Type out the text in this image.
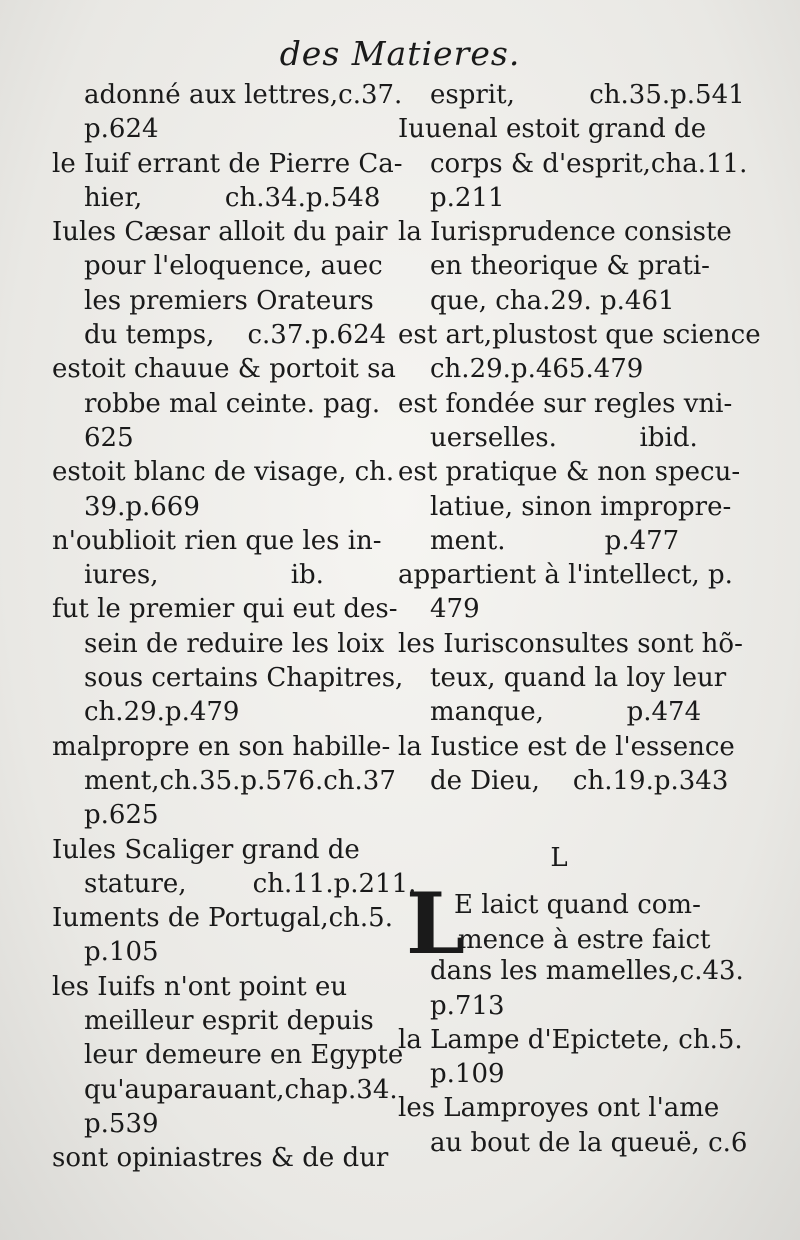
des Matieres.
adonné aux lettres,c.37.
p.624
le Iuif errant de Pierre Ca-
hier,          ch.34.p.548
Iules Cæsar alloit du pair
pour l'eloquence, auec
les premiers Orateurs
du temps,    c.37.p.624
estoit chauue & portoit sa
robbe mal ceinte. pag.
625
estoit blanc de visage, ch.
39.p.669
n'oublioit rien que les in-
iures,                ib.
fut le premier qui eut des-
sein de reduire les loix
sous certains Chapitres,
ch.29.p.479
malpropre en son habille-
ment,ch.35.p.576.ch.37
p.625
Iules Scaliger grand de
stature,        ch.11.p.211.
Iuments de Portugal,ch.5.
p.105
les Iuifs n'ont point eu
meilleur esprit depuis
leur demeure en Egypte
qu'auparauant,chap.34.
p.539
sont opiniastres & de dur
esprit,         ch.35.p.541
Iuuenal estoit grand de
corps & d'esprit,cha.11.
p.211
la Iurisprudence consiste
en theorique & prati-
que, cha.29. p.461
est art,plustost que science
ch.29.p.465.479
est fondée sur regles vni-
uerselles.          ibid.
est pratique & non specu-
latiue, sinon impropre-
ment.            p.477
appartient à l'intellect, p.
479
les Iurisconsultes sont hõ-
teux, quand la loy leur
manque,          p.474
la Iustice est de l'essence
de Dieu,    ch.19.p.343
L
L
E laict quand com-
mence à estre faict
dans les mamelles,c.43.
p.713
la Lampe d'Epictete, ch.5.
p.109
les Lamproyes ont l'ame
au bout de la queuë, c.6
